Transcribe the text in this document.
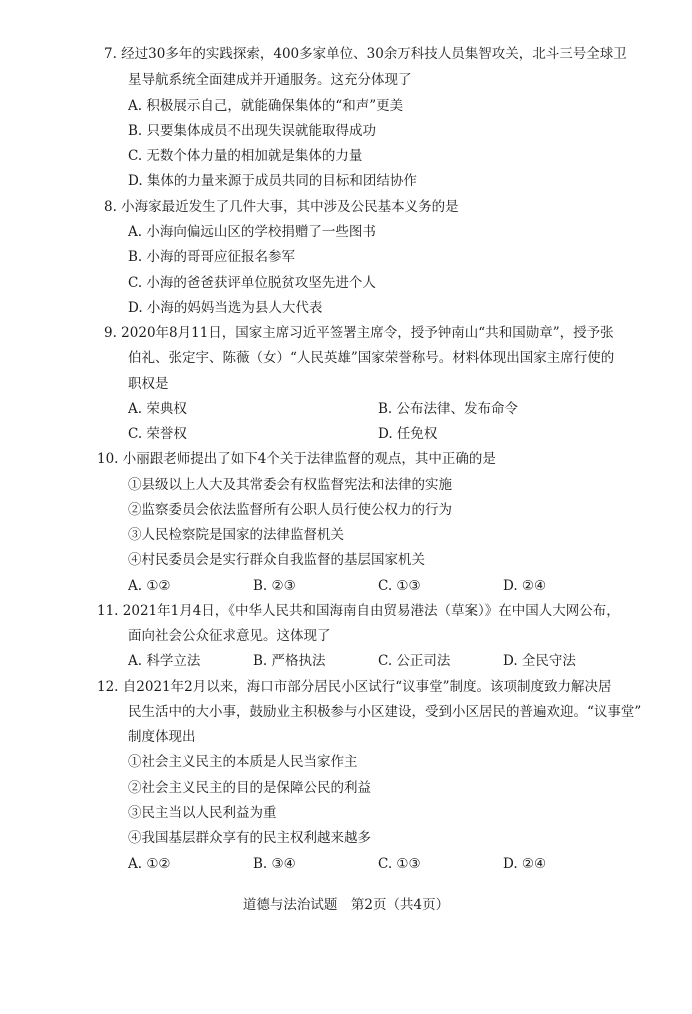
7. 经过30多年的实践探索，400多家单位、30余万科技人员集智攻关，北斗三号全球卫
星导航系统全面建成并开通服务。这充分体现了
A. 积极展示自己，就能确保集体的“和声”更美
B. 只要集体成员不出现失误就能取得成功
C. 无数个体力量的相加就是集体的力量
D. 集体的力量来源于成员共同的目标和团结协作
8. 小海家最近发生了几件大事，其中涉及公民基本义务的是
A. 小海向偏远山区的学校捐赠了一些图书
B. 小海的哥哥应征报名参军
C. 小海的爸爸获评单位脱贫攻坚先进个人
D. 小海的妈妈当选为县人大代表
9. 2020年8月11日，国家主席习近平签署主席令，授予钟南山“共和国勋章”，授予张
伯礼、张定宇、陈薇（女）“人民英雄”国家荣誉称号。材料体现出国家主席行使的
职权是
A. 荣典权	B. 公布法律、发布命令
C. 荣誉权	D. 任免权
10. 小丽跟老师提出了如下4个关于法律监督的观点，其中正确的是
①县级以上人大及其常委会有权监督宪法和法律的实施
②监察委员会依法监督所有公职人员行使公权力的行为
③人民检察院是国家的法律监督机关
④村民委员会是实行群众自我监督的基层国家机关
A. ①②	B. ②③	C. ①③	D. ②④
11. 2021年1月4日，《中华人民共和国海南自由贸易港法（草案）》在中国人大网公布，
面向社会公众征求意见。这体现了
A. 科学立法	B. 严格执法	C. 公正司法	D. 全民守法
12. 自2021年2月以来，海口市部分居民小区试行“议事堂”制度。该项制度致力解决居
民生活中的大小事，鼓励业主积极参与小区建设，受到小区居民的普遍欢迎。“议事堂”
制度体现出
①社会主义民主的本质是人民当家作主
②社会主义民主的目的是保障公民的利益
③民主当以人民利益为重
④我国基层群众享有的民主权利越来越多
A. ①②	B. ③④	C. ①③	D. ②④
道德与法治试题　第2页（共4页）
